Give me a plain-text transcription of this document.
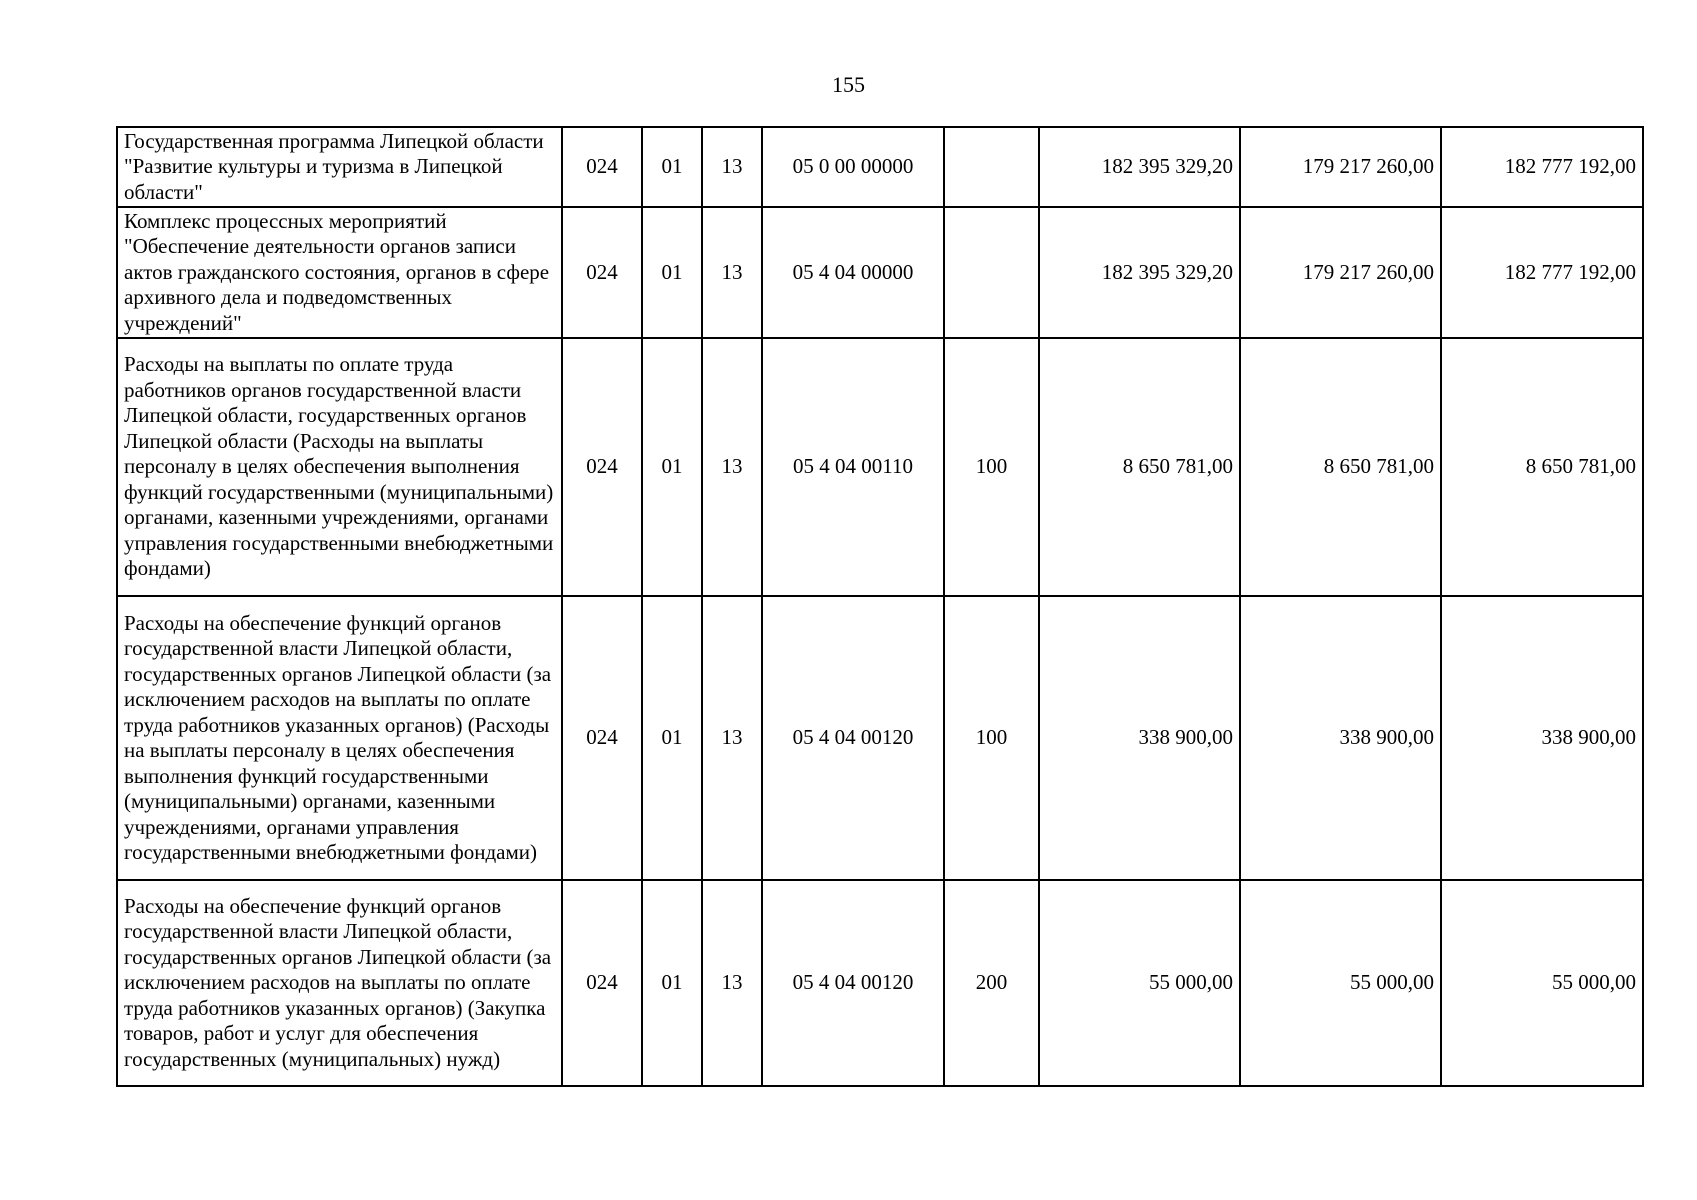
155
Государственная программа Липецкой области "Развитие культуры и туризма в Липецкой области"	024	01	13	05 0 00 00000		182 395 329,20	179 217 260,00	182 777 192,00
Комплекс процессных мероприятий "Обеспечение деятельности органов записи актов гражданского состояния, органов в сфере архивного дела и подведомственных учреждений"	024	01	13	05 4 04 00000		182 395 329,20	179 217 260,00	182 777 192,00
Расходы на выплаты по оплате труда работников органов государственной власти Липецкой области, государственных органов Липецкой области (Расходы на выплаты персоналу в целях обеспечения выполнения функций государственными (муниципальными) органами, казенными учреждениями, органами управления государственными внебюджетными фондами)	024	01	13	05 4 04 00110	100	8 650 781,00	8 650 781,00	8 650 781,00
Расходы на обеспечение функций органов государственной власти Липецкой области, государственных органов Липецкой области (за исключением расходов на выплаты по оплате труда работников указанных органов) (Расходы на выплаты персоналу в целях обеспечения выполнения функций государственными (муниципальными) органами, казенными учреждениями, органами управления государственными внебюджетными фондами)	024	01	13	05 4 04 00120	100	338 900,00	338 900,00	338 900,00
Расходы на обеспечение функций органов государственной власти Липецкой области, государственных органов Липецкой области (за исключением расходов на выплаты по оплате труда работников указанных органов) (Закупка товаров, работ и услуг для обеспечения государственных (муниципальных) нужд)	024	01	13	05 4 04 00120	200	55 000,00	55 000,00	55 000,00
